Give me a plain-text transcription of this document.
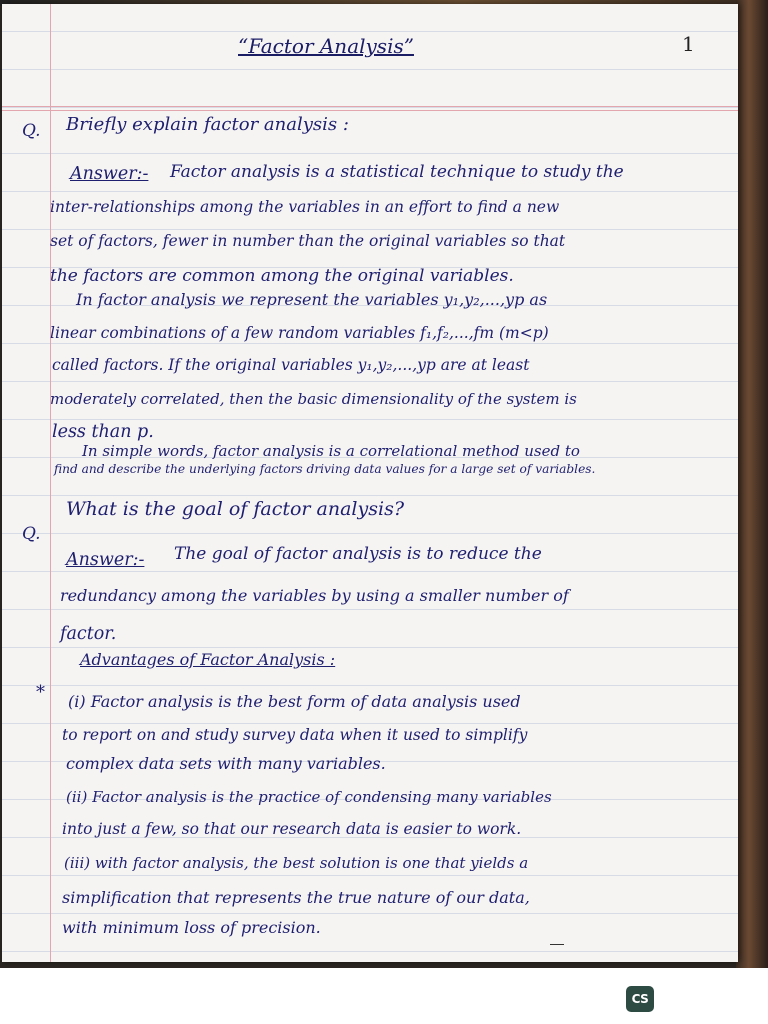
“Factor Analysis”	1
Q. Briefly explain factor analysis :
Answer:- Factor analysis is a statistical technique to study the
inter-relationships among the variables in an effort to find a new
set of factors, fewer in number than the original variables so that
the factors are common among the original variables.
In factor analysis we represent the variables y₁,y₂,...,yp as
linear combinations of a few random variables f₁,f₂,...,fm (m<p)
called factors. If the original variables y₁,y₂,...,yp are at least
moderately correlated, then the basic dimensionality of the system is
less than p.
In simple words, factor analysis is a correlational method used to
find and describe the underlying factors driving data values for a large set of variables.
Q.
What is the goal of factor analysis?
Answer:- The goal of factor analysis is to reduce the
redundancy among the variables by using a smaller number of
factor.
*
Advantages of Factor Analysis :
(i) Factor analysis is the best form of data analysis used
to report on and study survey data when it used to simplify
complex data sets with many variables.
(ii) Factor analysis is the practice of condensing many variables
into just a few, so that our research data is easier to work.
(iii) with factor analysis, the best solution is one that yields a
simplification that represents the true nature of our data,
with minimum loss of precision.
CS
